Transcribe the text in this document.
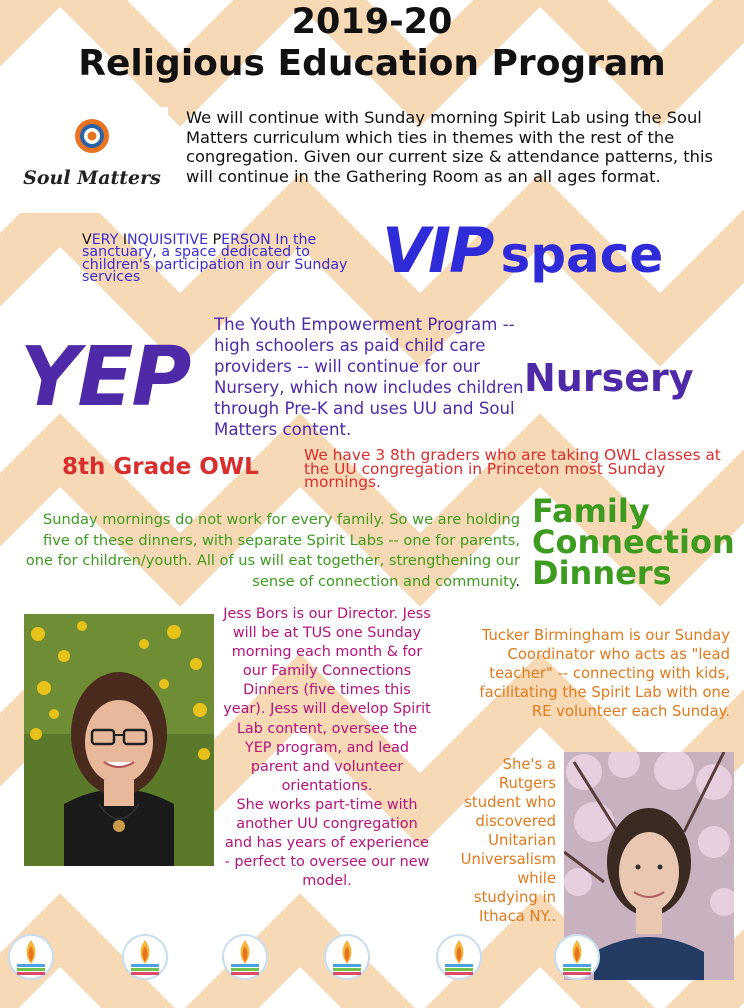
2019-20
Religious Education Program
Soul Matters
We will continue with Sunday morning Spirit Lab using the Soul Matters curriculum which ties in themes with the rest of the congregation. Given our current size & attendance patterns, this will continue in the Gathering Room as an all ages format.
VERY INQUISITIVE PERSON In the sanctuary, a space dedicated to children's participation in our Sunday services	VIP space
YEP
The Youth Empowerment Program -- high schoolers as paid child care providers -- will continue for our Nursery, which now includes children through Pre-K and uses UU and Soul Matters content.
Nursery
8th Grade OWL	We have 3 8th graders who are taking OWL classes at the UU congregation in Princeton most Sunday mornings.
Sunday mornings do not work for every family. So we are holding five of these dinners, with separate Spirit Labs -- one for parents, one for children/youth. All of us will eat together, strengthening our sense of connection and community.
Family
Connection
Dinners
Jess Bors is our Director. Jess will be at TUS one Sunday morning each month & for our Family Connections Dinners (five times this year). Jess will develop Spirit Lab content, oversee the YEP program, and lead parent and volunteer orientations.
She works part-time with another UU congregation and has years of experience - perfect to oversee our new model.
Tucker Birmingham is our Sunday Coordinator who acts as "lead teacher" -- connecting with kids, facilitating the Spirit Lab with one RE volunteer each Sunday.
She's a Rutgers student who discovered Unitarian Universalism while studying in Ithaca NY..
